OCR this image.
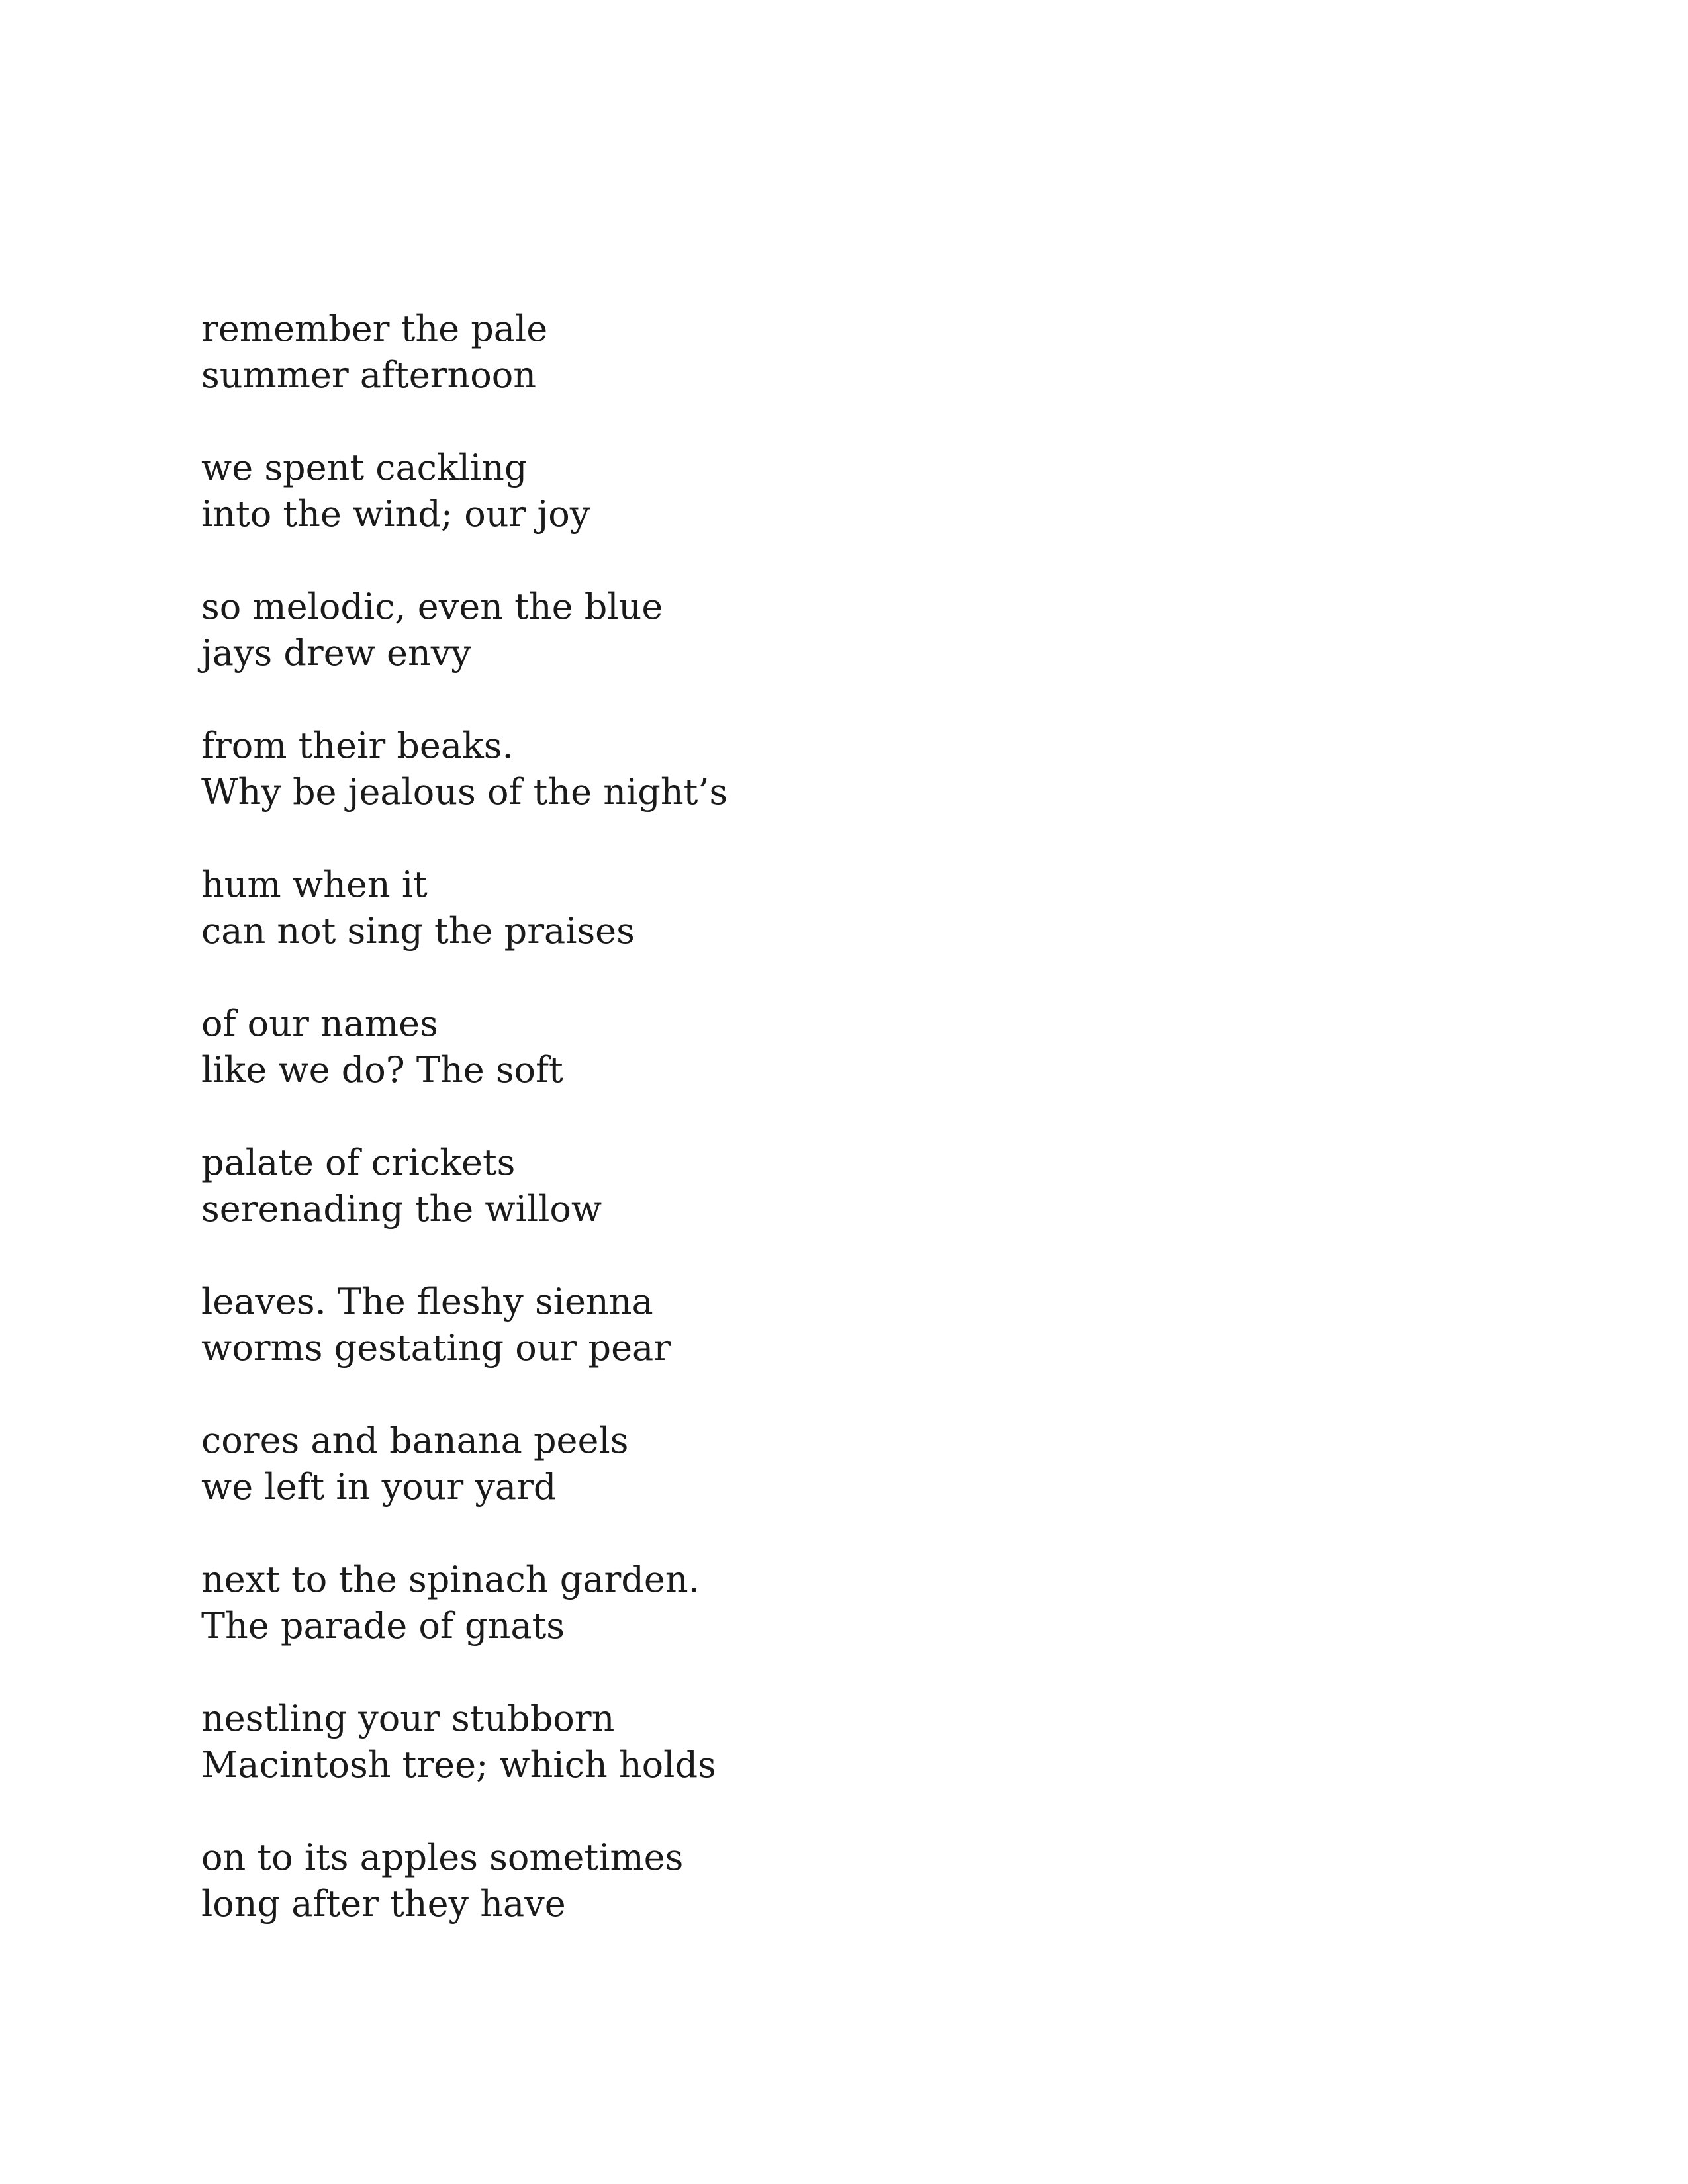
remember the pale
summer afternoon
we spent cackling
into the wind; our joy
so melodic, even the blue
jays drew envy
from their beaks.
Why be jealous of the night’s
hum when it
can not sing the praises
of our names
like we do? The soft
palate of crickets
serenading the willow
leaves. The fleshy sienna
worms gestating our pear
cores and banana peels
we left in your yard
next to the spinach garden.
The parade of gnats
nestling your stubborn
Macintosh tree; which holds
on to its apples sometimes
long after they have
